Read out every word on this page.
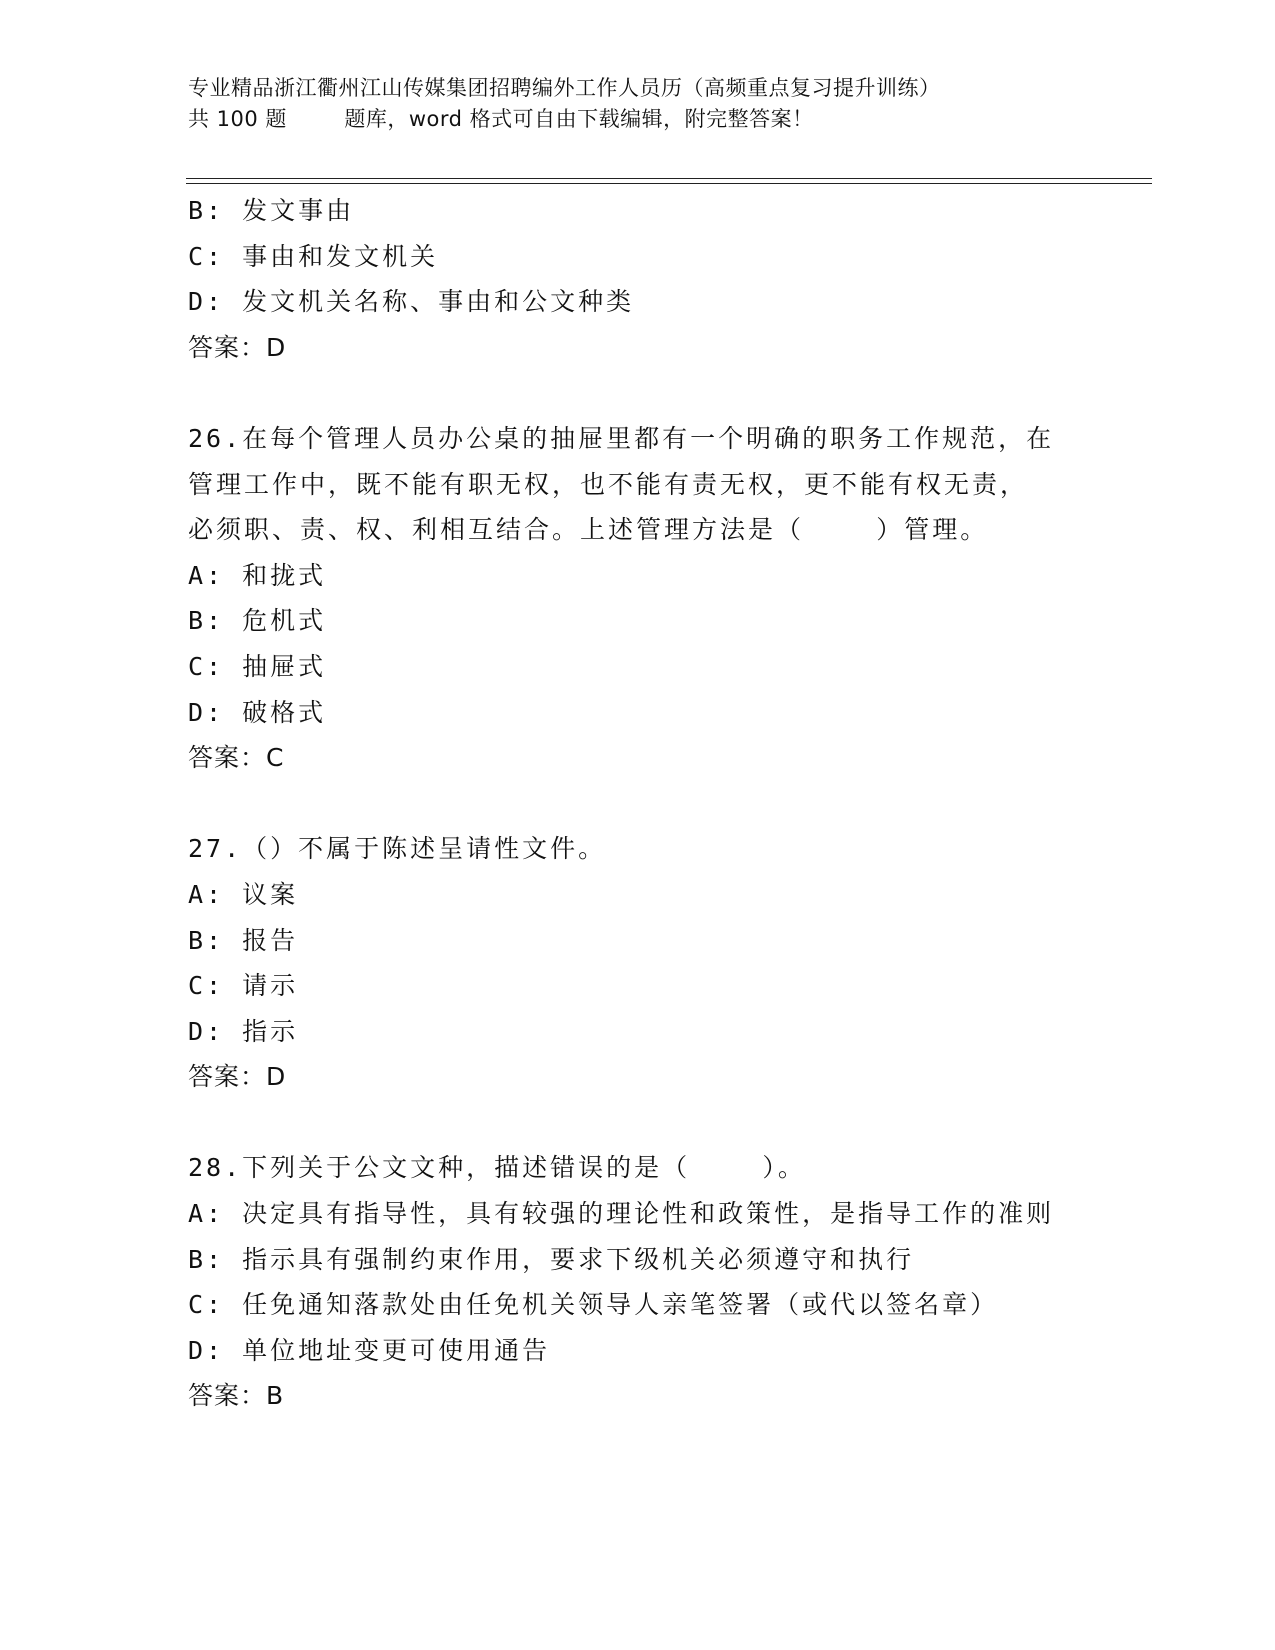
专业精品浙江衢州江山传媒集团招聘编外工作人员历（高频重点复习提升训练）
共 100 题        题库，word 格式可自由下载编辑，附完整答案！
B: 发文事由
C: 事由和发文机关
D: 发文机关名称、事由和公文种类
答案：D
26.在每个管理人员办公桌的抽屉里都有一个明确的职务工作规范，在
管理工作中，既不能有职无权，也不能有责无权，更不能有权无责，
必须职、责、权、利相互结合。上述管理方法是（    ）管理。
A: 和拢式
B: 危机式
C: 抽屉式
D: 破格式
答案：C
27.（）不属于陈述呈请性文件。
A: 议案
B: 报告
C: 请示
D: 指示
答案：D
28.下列关于公文文种，描述错误的是（    ）。
A: 决定具有指导性，具有较强的理论性和政策性，是指导工作的准则
B: 指示具有强制约束作用，要求下级机关必须遵守和执行
C: 任免通知落款处由任免机关领导人亲笔签署（或代以签名章）
D: 单位地址变更可使用通告
答案：B
